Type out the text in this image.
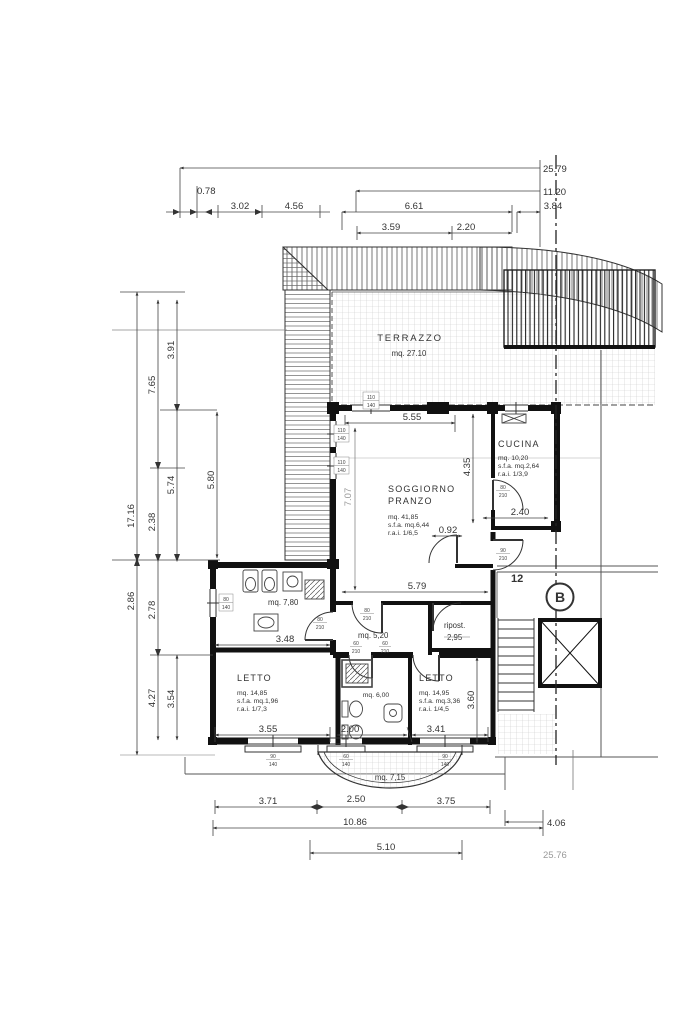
25.79
0.78	11.20
3.02	4.56	6.61	3.84
3.59	2.20
17.16
2.86
7.65
2.38
2.78
4.27
3.91
5.74
3.54
5.80
7.07
4.35
3.60
5.55
2.40
5.79
3.48
0.92
3.55	2.00	3.41
3.71	2.50	3.75
10.86
5.10
4.06
25.76
TERRAZZO
mq. 27.10
CUCINA
mq. 10,20
s.f.a. mq.2,64
r.a.i. 1/3,9
SOGGIORNO
PRANZO
mq. 41,85
s.f.a. mq.6,44
r.a.i. 1/6,5
mq. 7,80
mq. 5,20
ripost.
2,95
LETTO
mq. 14,85
s.f.a. mq.1,96
r.a.i. 1/7,3
mq. 6,00
LETTO
mq. 14,95
s.f.a. mq.3,36
r.a.i. 1/4,5
mq. 7,15
12
B
110
140
110
140
110
140
80
140
90
210
80
210
80
210
80
210
60
210
60
210
90
140
60
140
90
140
